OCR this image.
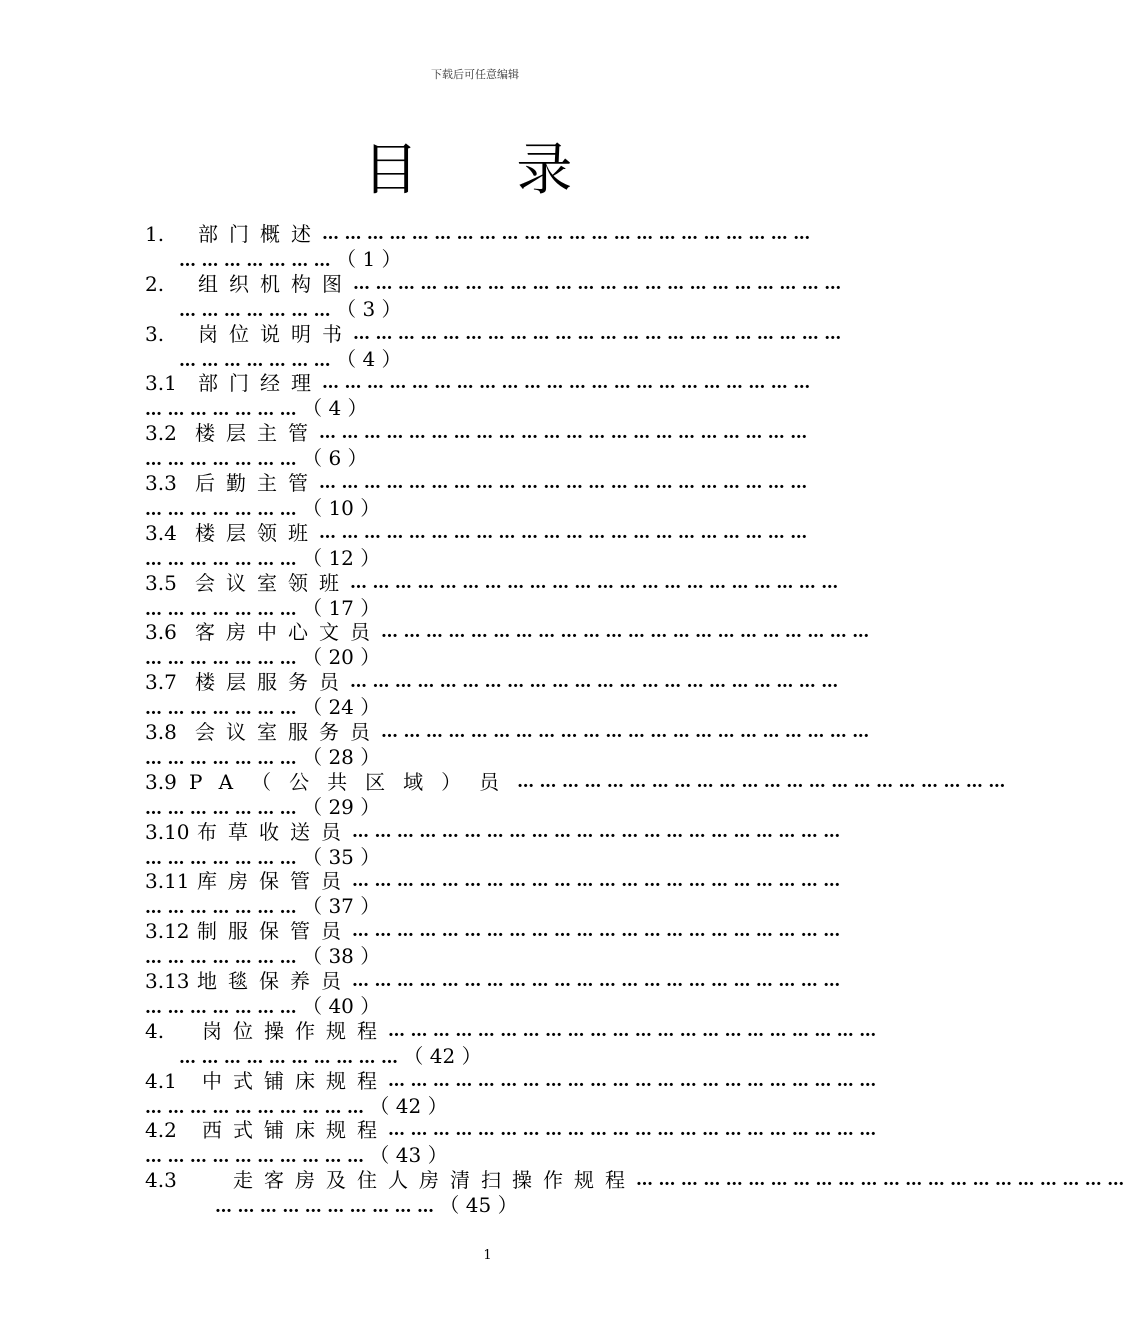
下载后可任意编辑
目 录
1.	部门概述 …………………………………………………………
…………………（ 1 ）
2.	组织机构图 …………………………………………………………
…………………（ 3 ）
3.	岗位说明书 …………………………………………………………
…………………（ 4 ）
3.1	部门经理 …………………………………………………………
…………………（ 4 ）
3.2 楼层主管 …………………………………………………………
…………………（ 6 ）
3.3 后勤主管 …………………………………………………………
…………………（ 10 ）
3.4 楼层领班 …………………………………………………………
…………………（ 12 ）
3.5 会议室领班 …………………………………………………………
…………………（ 17 ）
3.6 客房中心文员 …………………………………………………………
…………………（ 20 ）
3.7 楼层服务员 …………………………………………………………
…………………（ 24 ）
3.8 会议室服务员 …………………………………………………………
…………………（ 28 ）
3.9 PA（公共区域）员 …………………………………………………………
…………………（ 29 ）
3.10 布草收送员 …………………………………………………………
…………………（ 35 ）
3.11 库房保管员 …………………………………………………………
…………………（ 37 ）
3.12 制服保管员 …………………………………………………………
…………………（ 38 ）
3.13 地毯保养员 …………………………………………………………
…………………（ 40 ）
4.	岗位操作规程 …………………………………………………………
…………………………（ 42 ）
4.1	中式铺床规程 …………………………………………………………
…………………………（ 42 ）
4.2	西式铺床规程 …………………………………………………………
…………………………（ 43 ）
4.3	走客房及住人房清扫操作规程 …………………………………………………………
…………………………（ 45 ）
1
